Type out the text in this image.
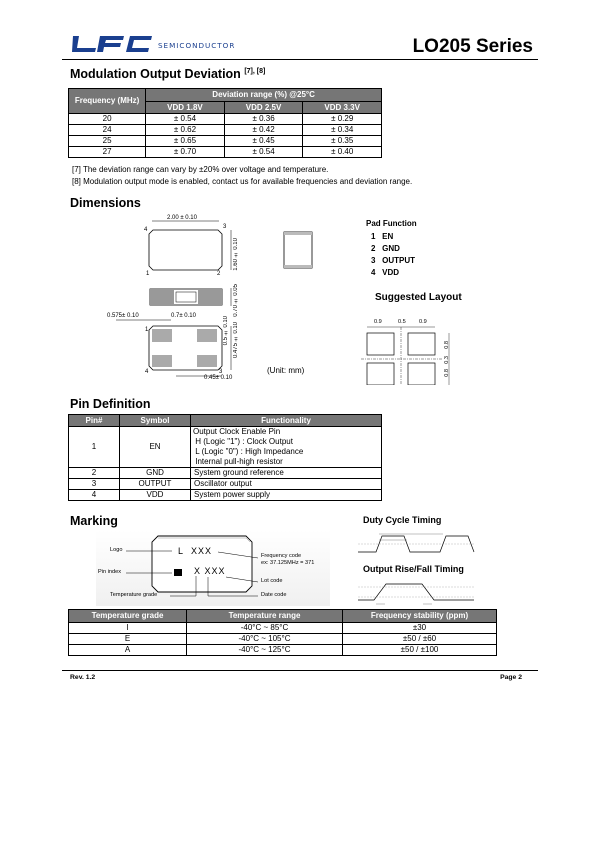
SEMICONDUCTOR	LO205 Series
Modulation Output Deviation [7], [8]
Frequency (MHz)	Deviation range (%) @25°C		
	VDD 1.8V	VDD 2.5V	VDD 3.3V
20	± 0.54	± 0.36	± 0.29
24	± 0.62	± 0.42	± 0.34
25	± 0.65	± 0.45	± 0.35
27	± 0.70	± 0.54	± 0.40
[7] The deviation range can vary by ±20% over voltage and temperature.
[8] Modulation output mode is enabled, contact us for available frequencies and deviation range.
Dimensions
2.00 ± 0.10
1.60 ± 0.10
4	3
1	2
0.70 ± 0.05
0.575± 0.10	0.7± 0.10	0.5 ± 0.10 0.475 ± 0.10
1
4	3
0.45± 0.10
(Unit: mm)
Pad Function
1 EN
2 GND
3 OUTPUT
4 VDD
Suggested Layout
0.9	0.5 0.9
0.8
0.3
0.8
Pin Definition
Pin#	Symbol	Functionality
1	EN	Output Clock Enable Pin
H (Logic "1") : Clock Output
L (Logic "0") : High Impedance
Internal pull-high resistor

2	GND	System ground reference
3	OUTPUT	Oscillator output
4	VDD	System power supply
Marking
Logo
Pin index
Temperature grade
Frequency code
ex: 37.125MHz = 371
Lot code
Date code
L XXX
X XXX
Duty Cycle Timing
Output Rise/Fall Timing
Temperature grade	Temperature range	Frequency stability (ppm)
I	-40°C ~ 85°C	±30
E	-40°C ~ 105°C	±50 / ±60
A	-40°C ~ 125°C	±50 / ±100
Rev. 1.2	Page 2
